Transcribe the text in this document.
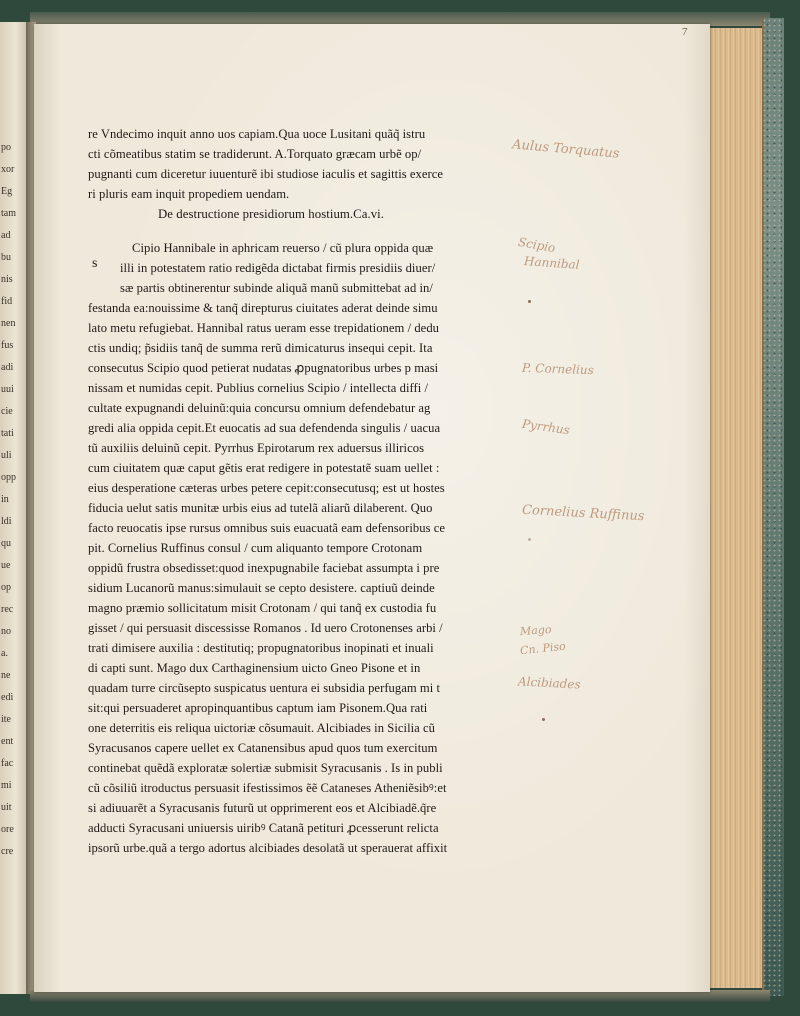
po
xor
Eg
tam
ad
bu
nis
fid
nen
fus
adi
uui
cie
tati
uli
opp
in
ldi
qu
ue
op
rec
no
a.
ne
edi
ite
ent
fac
mi
uit
ore
cre
7
s
re Vndecimo inquit anno uos capiam.Qua uoce Lusitani quãq̃ istru
cti cõmeatibus statim se tradiderunt. A.Torquato græcam urbẽ op/
pugnanti cum diceretur iuuenturẽ ibi studiose iaculis et sagittis exerce
ri pluris eam inquit propediem uendam.
De destructione presidiorum hostium.Ca.vi.
Cipio Hannibale in aphricam reuerso / cũ plura oppida quæ
illi in potestatem ratio redigẽda dictabat firmis presidiis diuer/
sæ partis obtinerentur subinde aliquã manũ submittebat ad in/
festanda ea:nouissime & tanq̃ direpturus ciuitates aderat deinde simu
lato metu refugiebat. Hannibal ratus ueram esse trepidationem / dedu
ctis undiq; p̃sidiis tanq̃ de summa rerũ dimicaturus insequi cepit. Ita
consecutus Scipio quod petierat nudatas ꝓpugnatoribus urbes p masi
nissam et numidas cepit. Publius cornelius Scipio / intellecta diffi /
cultate expugnandi deluinũ:quia concursu omnium defendebatur ag
gredi alia oppida cepit.Et euocatis ad sua defendenda singulis / uacua
tũ auxiliis deluinũ cepit. Pyrrhus Epirotarum rex aduersus illiricos
cum ciuitatem quæ caput gẽtis erat redigere in potestatẽ suam uellet :
eius desperatione cæteras urbes petere cepit:consecutusq; est ut hostes
fiducia uelut satis munitæ urbis eius ad tutelã aliarũ dilaberent. Quo
facto reuocatis ipse rursus omnibus suis euacuatã eam defensoribus ce
pit. Cornelius Ruffinus consul / cum aliquanto tempore Crotonam
oppidũ frustra obsedisset:quod inexpugnabile faciebat assumpta i pre
sidium Lucanorũ manus:simulauit se cepto desistere. captiuũ deinde
magno præmio sollicitatum misit Crotonam / qui tanq̃ ex custodia fu
gisset / qui persuasit discessisse Romanos . Id uero Crotonenses arbi /
trati dimisere auxilia : destitutiq; propugnatoribus inopinati et inuali
di capti sunt. Mago dux Carthaginensium uicto Gneo Pisone et in
quadam turre circũsepto suspicatus uentura ei subsidia perfugam mi t
sit:qui persuaderet apropinquantibus captum iam Pisonem.Qua rati
one deterritis eis reliqua uictoriæ cõsumauit. Alcibiades in Sicilia cũ
Syracusanos capere uellet ex Catanensibus apud quos tum exercitum
continebat quẽdã exploratæ solertiæ submisit Syracusanis . Is in publi
cũ cõsiliũ itroductus persuasit ifestissimos ẽẽ Cataneses Atheniẽsibꝰ:et
si adiuuarẽt a Syracusanis futurũ ut opprimerent eos et Alcibiadẽ.q̃re
adducti Syracusani uniuersis uiribꝰ Catanã petituri ꝓcesserunt relicta
ipsorũ urbe.quã a tergo adortus alcibiades desolatã ut sperauerat affixit
Aulus Torquatus
Scipio
Hannibal
P. Cornelius
Pyrrhus
Cornelius Ruffinus
Mago
Cn. Piso
Alcibiades
